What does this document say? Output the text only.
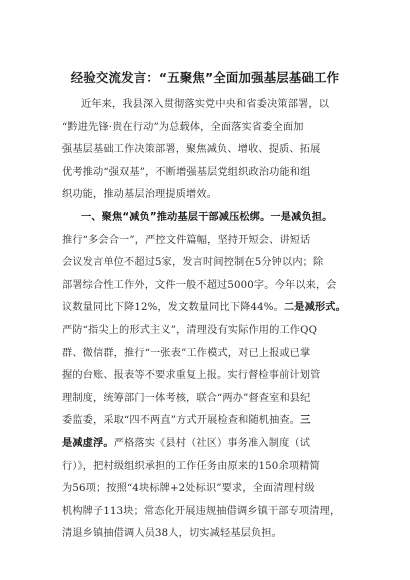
经验交流发言：“五聚焦”全面加强基层基础工作
近年来，我县深入贯彻落实党中央和省委决策部署，以
“黔进先锋·贵在行动”为总载体，全面落实省委全面加
强基层基础工作决策部署，聚焦减负、增收、提质、拓展
优考推动“强双基”，不断增强基层党组织政治功能和组
织功能，推动基层治理提质增效。
一、聚焦“减负”推动基层干部减压松绑。一是减负担。
推行“多会合一”，严控文件篇幅，坚持开短会、讲短话
会议发言单位不超过5家，发言时间控制在5分钟以内；除
部署综合性工作外，文件一般不超过5000字。今年以来，会
议数量同比下降12%，发文数量同比下降44%。二是减形式。
严防“指尖上的形式主义”，清理没有实际作用的工作QQ
群、微信群，推行“一张表”工作模式，对已上报或已掌
握的台账、报表等不要求重复上报。实行督检事前计划管
理制度，统筹部门一体考核，联合“两办”督查室和县纪
委监委，采取“四不两直”方式开展检查和随机抽查。三
是减虚浮。严格落实《县村（社区）事务准入制度（试
行）》，把村级组织承担的工作任务由原来的150余项精简
为56项；按照“4块标牌+2处标识”要求，全面清理村级
机构牌子113块；常态化开展违规抽借调乡镇干部专项清理，
清退乡镇抽借调人员38人，切实减轻基层负担。
